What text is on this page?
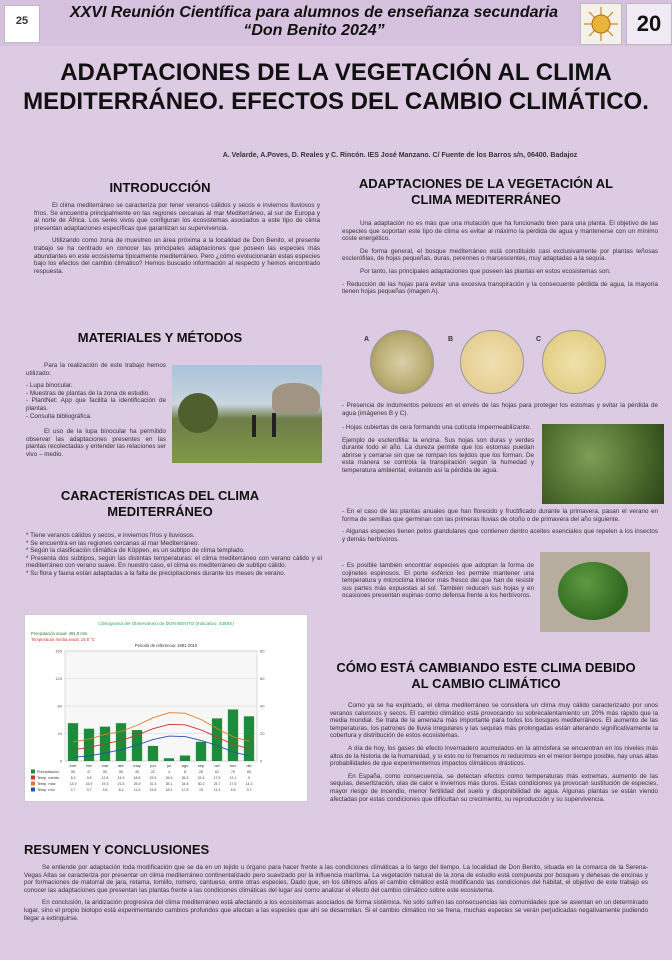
25	XXVI Reunión Científica para alumnos de enseñanza secundaria
“Don Benito 2024”	20
ADAPTACIONES DE LA VEGETACIÓN AL CLIMA MEDITERRÁNEO. EFECTOS DEL CAMBIO CLIMÁTICO.
A. Velarde, A.Poves, D. Reales y C. Rincón. IES José Manzano. C/ Fuente de los Barros s/n, 06400. Badajoz
INTRODUCCIÓN

El clima mediterráneo se caracteriza por tener veranos cálidos y secos e inviernos lluviosos y fríos. Se encuentra principalmente en las regiones cercanas al mar Mediterráneo, al sur de Europa y al norte de África. Los seres vivos que configuran los ecosistemas asociados a este tipo de clima presentan adaptaciones específicas que garantizan su supervivencia.

Utilizando como zona de muestreo un área próxima a la localidad de Don Benito, el presente trabajo se ha centrado en conocer las principales adaptaciones que poseen las especies más abundantes en este ecosistema típicamente mediterráneo. Pero ¿cómo evolucionarán estas especies bajo los efectos del cambio climático? Hemos buscado información al respecto y hemos encontrado respuesta.

MATERIALES Y MÉTODOS

Para la realización de este trabajo hemos utilizado:

- Lupa binocular.
- Muestras de plantas de la zona de estudio.
- PlantNet: App que facilita la identificación de plantas.
- Consulta bibliográfica.

El uso de la lupa binocular ha permitido observar las adaptaciones presentes en las plantas recolectadas y entender las relaciones ser vivo – medio.

CARACTERÍSTICAS DEL CLIMA MEDITERRÁNEO
* Tiene veranos cálidos y secos, e inviernos fríos y lluviosos.
* Se encuentra en las regiones cercanas al mar Mediterráneo.
* Según la clasificación climática de Köppen, es un subtipo de clima templado.
* Presenta dos subtipos, según las distintas temperaturas: el clima mediterráneo con verano cálido y el mediterráneo con verano suave. En nuestro caso, el clima es mediterráneo de subtipo cálido.
* Su flora y fauna están adaptadas a la falta de precipitaciones durante los meses de verano.
Climograma del Observatorio de DON BENITO (Indicativo: 4358X)
Precipitación anual: 491,9 mm
Temperatura media anual: 16,8 °C
Periodo de referencia: 1981-2010
0	0
40	20
80	40
120	60
160	80
ene feb mar abr may jun	jul	ago sep	oct	nov	dic
Precipitación	55	47	50	55	45	22	4	8	28	62	75	65
Temp. media	8.3	9.8	12.6	14.9	18.8	23.5	26.6	26.3	22.6	17.5	12.1	9
Temp. máx	13.9	15.9	19.3	21.5	25.9	31.4	35.1	34.8	30.2	23.7	17.6	14.3
Temp. mín	2.7	3.7	5.8	8.2	11.6	15.6	18.1	17.8	15	11.3	6.6	3.7
ADAPTACIONES DE LA VEGETACIÓN AL CLIMA MEDITERRÁNEO

Una adaptación no es más que una mutación que ha funcionado bien para una planta. El objetivo de las especies que soportan este tipo de clima es evitar al máximo la pérdida de agua y mantenerse con un mínimo coste energético.

De forma general, el bosque mediterráneo está constituido casi exclusivamente por plantas leñosas esclerófilas, de hojas pequeñas, duras, perennes o marcescentes, muy adaptadas a la sequía.

Por tanto, las principales adaptaciones que poseen las plantas en estos ecosistemas son:

- Reducción de las hojas para evitar una excesiva transpiración y la consecuente pérdida de agua, la mayoría tienen hojas pequeñas (imagen A).

A	B	C
- Presencia de indumentos pelosos en el envés de las hojas para proteger los estomas y evitar la pérdida de agua (imágenes B y C).

- Hojas cubiertas de cera formando una cutícula Impermeabilizante.

Ejemplo de esclerofilia: la encina. Sus hojas son duras y verdes durante todo el año. La dureza permite que los estomas puedan abrirse y cerrarse sin que se rompan los tejidos que los forman. De esta manera se controla la transpiración según la humedad y temperatura ambiental, evitando así la pérdida de agua.

- En el caso de las plantas anuales que han florecido y fructificado durante la primavera, pasan el verano en forma de semillas que germinan con las primeras lluvias de otoño o de primavera del año siguiente.

- Algunas especies tienen pelos glandulares que contienen dentro aceites esenciales que repelen a los insectos y demás herbívoros.

- Es posible también encontrar especies que adoptan la forma de cojinetes espinosos. El porte esférico les permite mantener una temperatura y microclima interior más fresco del que han de resistir sus partes más expuestas al sol. También reducen sus hojas y en ocasiones presentan espinas como defensa frente a los herbívoros.
CÓMO ESTÁ CAMBIANDO ESTE CLIMA DEBIDO AL CAMBIO CLIMÁTICO

Como ya se ha explicado, el clima mediterráneo se considera un clima muy cálido caracterizado por unos veranos calurosos y secos. El cambio climático está provocando su sobrecalentamiento un 20% más rápido que la media mundial. Se trata de la amenaza más importante para todos los bosques mediterráneos. El aumento de las temperaturas, los patrones de lluvia irregulares y las sequías más prolongadas están alterando significativamente la cobertura y distribución de estos ecosistemas.

A día de hoy, los gases de efecto invernadero acumulados en la atmósfera se encuentran en los niveles más altos de la historia de la humanidad, y si esto no lo frenamos ni reducimos en el menor tiempo posible, hay unas altas probabilidades de que experimentemos impactos climáticos drásticos.

En España, como consecuencia, se detectan efectos como temperaturas más extremas, aumento de las sequías, desertización, olas de calor e inviernos más duros. Estas condiciones ya provocan sustitución de especies, mayor riesgo de incendio, menor fertilidad del suelo y disponibilidad de agua. Algunas plantas se están viendo afectadas por estas condiciones que dificultan su crecimiento, su reproducción y su supervivencia.

RESUMEN Y CONCLUSIONES

Se entiende por adaptación toda modificación que se da en un tejido u órgano para hacer frente a las condiciones climáticas a lo largo del tiempo. La localidad de Don Benito, situada en la comarca de la Serena-Vegas Altas se caracteriza por presentar un clima mediterráneo continentalizado pero suavizado por la influencia marítima. La vegetación natural de la zona de estudio está compuesta por bosques y dehesas de encinas y por formaciones de matorral de jara, retama, tomillo, romero, cantueso, entre otras especies. Dado que, en los últimos años el cambio climático está modificando las condiciones del hábitat, el objetivo de este trabajo es conocer las adaptaciones que presentan las plantas frente a las condiciones climáticas del lugar así como analizar el efecto del cambio climático sobre este ecosistema.

En conclusión, la aridización progresiva del clima mediterráneo está afectando a los ecosistemas asociados de forma sistémica. No sólo sufren las consecuencias las comunidades que se asientan en un determinado lugar, sino el propio biotopo está experimentando cambios profundos que afectan a las especies que ahí se desarrollan. Si el cambio climático no se frena, muchas especies se verán perjudicadas negativamente pudiendo llegar a extinguirse.
